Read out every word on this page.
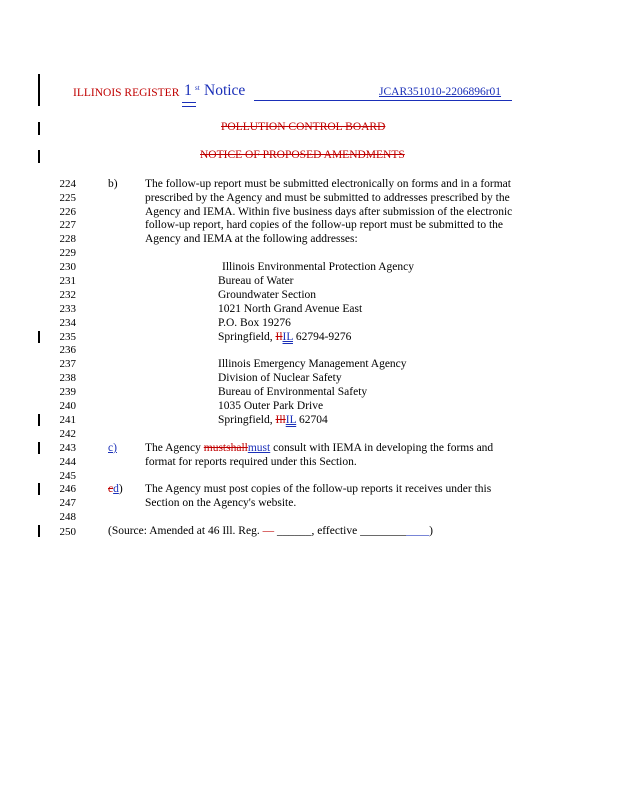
ILLINOIS REGISTER 1 st Notice	JCAR351010-2206896r01
POLLUTION CONTROL BOARD
NOTICE OF PROPOSED AMENDMENTS
224
225
226
227
228
229
230
231
232
233
234
235
236
237
238
239
240
241
242
243
244
245
246
247
248
250
b) The follow-up report must be submitted electronically on forms and in a format
prescribed by the Agency and must be submitted to addresses prescribed by the
Agency and IEMA. Within five business days after submission of the electronic
follow-up report, hard copies of the follow-up report must be submitted to the
Agency and IEMA at the following addresses:
Illinois Environmental Protection Agency
Bureau of Water
Groundwater Section
1021 North Grand Avenue East
P.O. Box 19276
Springfield, IlIL 62794-9276
Illinois Emergency Management Agency
Division of Nuclear Safety
Bureau of Environmental Safety
1035 Outer Park Drive
Springfield, IllIL 62704
c)	The Agency mustshallmust consult with IEMA in developing the forms and
format for reports required under this Section.
cd) The Agency must post copies of the follow-up reports it receives under this
Section on the Agency's website.
(Source: Amended at 46 Ill. Reg. — ______, effective ____________)
